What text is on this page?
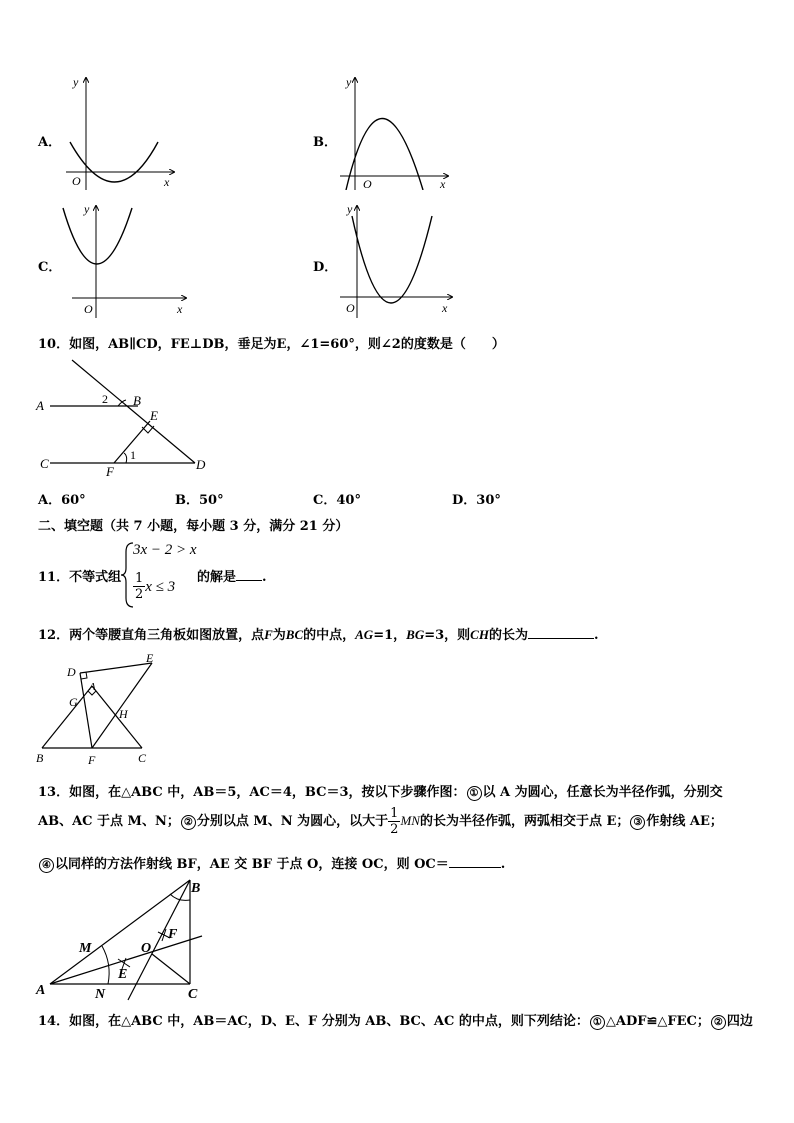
A．
O	x
y
B．
O	x
y
C．
O	x
y
D．
O	x
y
10．如图，AB∥CD，FE⊥DB，垂足为E，∠1=60°，则∠2的度数是（　　）
A	B
C	D
E
F
1
2
A．60°	B．50°	C．40°	D．30°
二、填空题（共 7 小题，每小题 3 分，满分 21 分）
11．不等式组
3x − 2 > x
$\frac{1}{2}$ x ≤ 3
的解是 .
12．两个等腰直角三角板如图放置，点F为BC的中点，AG=1，BG=3，则CH的长为	.
D
E
A
G
H
B	F	C
13．如图，在△ABC 中，AB＝5，AC＝4，BC＝3，按以下步骤作图： ① 以 A 为圆心，任意长为半径作弧，分别交
AB、AC 于点 M、N； ② 分别以点 M、N 为圆心，以大于 $\frac{1}{2}$ MN的长为半径作弧，两弧相交于点 E； ③ 作射线 AE；
④ 以同样的方法作射线 BF，AE 交 BF 于点 O，连接 OC，则 OC＝	.
A
B
C
M
N
O
E
F
14．如图，在△ABC 中，AB＝AC，D、E、F 分别为 AB、BC、AC 的中点，则下列结论： ① △ADF≌△FEC； ② 四边
